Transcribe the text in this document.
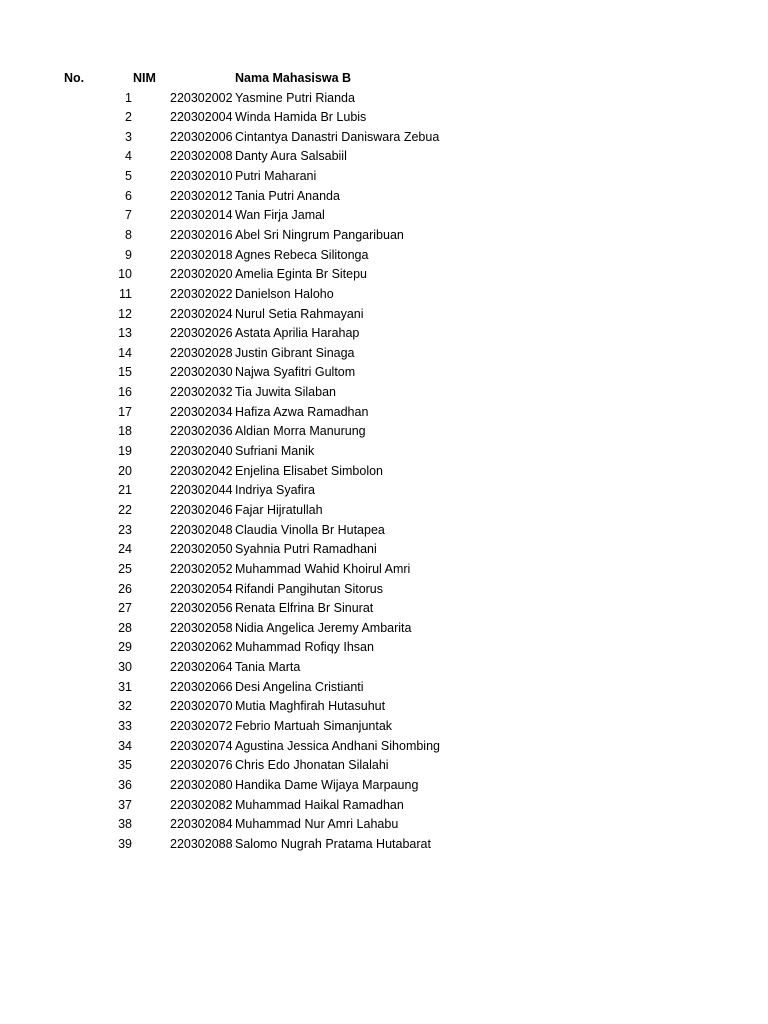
No.	NIM	Nama Mahasiswa B
1	220302002 Yasmine Putri Rianda
2	220302004 Winda Hamida Br Lubis
3	220302006 Cintantya Danastri Daniswara Zebua
4	220302008 Danty Aura Salsabiil
5	220302010 Putri Maharani
6	220302012 Tania Putri Ananda
7	220302014 Wan Firja Jamal
8	220302016 Abel Sri Ningrum Pangaribuan
9	220302018 Agnes Rebeca Silitonga
10	220302020 Amelia Eginta Br Sitepu
11	220302022 Danielson Haloho
12	220302024 Nurul Setia Rahmayani
13	220302026 Astata Aprilia Harahap
14	220302028 Justin Gibrant Sinaga
15	220302030 Najwa Syafitri Gultom
16	220302032 Tia Juwita Silaban
17	220302034 Hafiza Azwa Ramadhan
18	220302036 Aldian Morra Manurung
19	220302040 Sufriani Manik
20	220302042 Enjelina Elisabet Simbolon
21	220302044 Indriya Syafira
22	220302046 Fajar Hijratullah
23	220302048 Claudia Vinolla Br Hutapea
24	220302050 Syahnia Putri Ramadhani
25	220302052 Muhammad Wahid Khoirul Amri
26	220302054 Rifandi Pangihutan Sitorus
27	220302056 Renata Elfrina Br Sinurat
28	220302058 Nidia Angelica Jeremy Ambarita
29	220302062 Muhammad Rofiqy Ihsan
30	220302064 Tania Marta
31	220302066 Desi Angelina Cristianti
32	220302070 Mutia Maghfirah Hutasuhut
33	220302072 Febrio Martuah Simanjuntak
34	220302074 Agustina Jessica Andhani Sihombing
35	220302076 Chris Edo Jhonatan Silalahi
36	220302080 Handika Dame Wijaya Marpaung
37	220302082 Muhammad Haikal Ramadhan
38	220302084 Muhammad Nur Amri Lahabu
39	220302088 Salomo Nugrah Pratama Hutabarat
